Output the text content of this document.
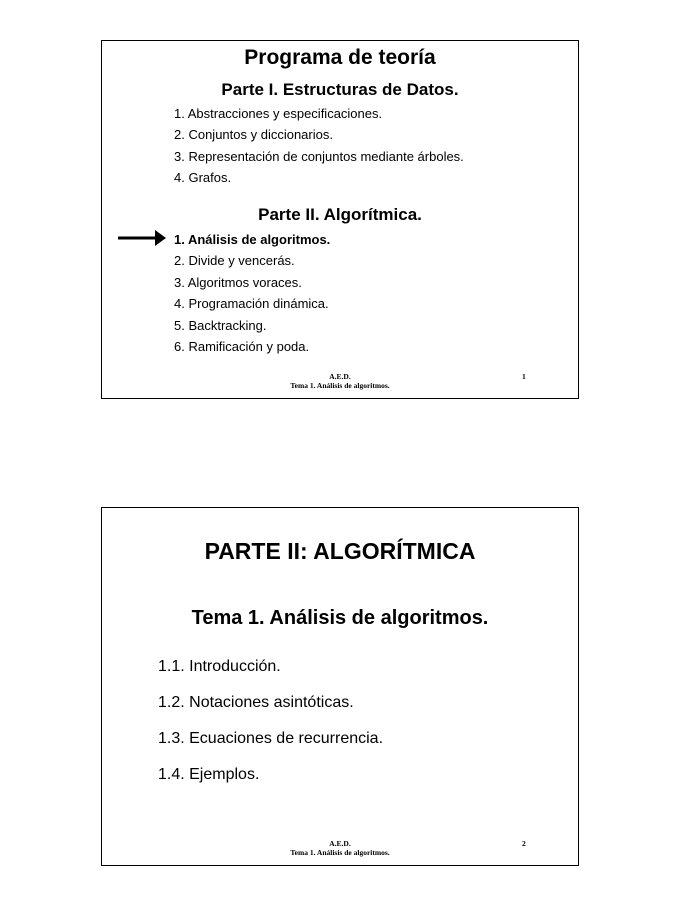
Programa de teoría
Parte I. Estructuras de Datos.
1. Abstracciones y especificaciones.
2. Conjuntos y diccionarios.
3. Representación de conjuntos mediante árboles.
4. Grafos.
Parte II. Algorítmica.
1. Análisis de algoritmos.
2. Divide y vencerás.
3. Algoritmos voraces.
4. Programación dinámica.
5. Backtracking.
6. Ramificación y poda.
A.E.D.
Tema 1. Análisis de algoritmos.
1
PARTE II: ALGORÍTMICA
Tema 1. Análisis de algoritmos.
1.1. Introducción.
1.2. Notaciones asintóticas.
1.3. Ecuaciones de recurrencia.
1.4. Ejemplos.
A.E.D.
Tema 1. Análisis de algoritmos.
2
